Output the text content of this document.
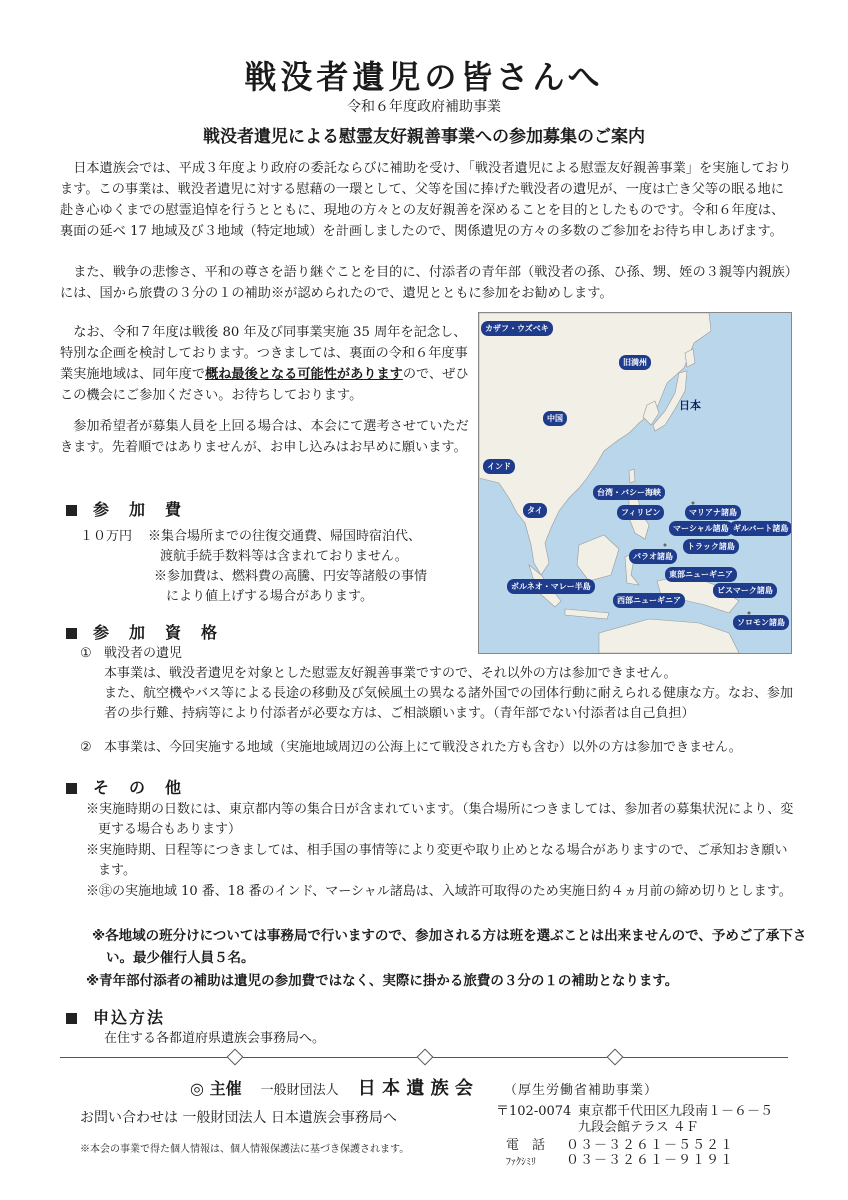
戦没者遺児の皆さんへ
令和６年度政府補助事業
戦没者遺児による慰霊友好親善事業への参加募集のご案内
日本遺族会では、平成３年度より政府の委託ならびに補助を受け、「戦没者遺児による慰霊友好親善事業」を実施しております。この事業は、戦没者遺児に対する慰藉の一環として、父等を国に捧げた戦没者の遺児が、一度は亡き父等の眠る地に赴き心ゆくまでの慰霊追悼を行うとともに、現地の方々との友好親善を深めることを目的としたものです。令和６年度は、裏面の延べ 17 地域及び３地域（特定地域）を計画しましたので、関係遺児の方々の多数のご参加をお待ち申しあげます。
また、戦争の悲惨さ、平和の尊さを語り継ぐことを目的に、付添者の青年部（戦没者の孫、ひ孫、甥、姪の３親等内親族）には、国から旅費の３分の１の補助※が認められたので、遺児とともに参加をお勧めします。
なお、令和７年度は戦後 80 年及び同事業実施 35 周年を記念し、特別な企画を検討しております。つきましては、裏面の令和６年度事業実施地域は、同年度で概ね最後となる可能性がありますので、ぜひこの機会にご参加ください。お待ちしております。
参加希望者が募集人員を上回る場合は、本会にて選考させていただきます。先着順ではありませんが、お申し込みはお早めに願います。
カザフ・ウズベキ
旧満州
日本
中国
インド
台湾・バシー海峡
タイ	フィリピン	マリアナ諸島
マーシャル諸島 ギルバート諸島
トラック諸島
パラオ諸島
東部ニューギニア
ボルネオ・マレー半島	ビスマーク諸島
西部ニューギニア
ソロモン諸島
参　加　費
１０万円 ※集合場所までの往復交通費、帰国時宿泊代、
渡航手続手数料等は含まれておりません。
※参加費は、燃料費の高騰、円安等諸般の事情
により値上げする場合があります。
参　加　資　格
① 戦没者の遺児
本事業は、戦没者遺児を対象とした慰霊友好親善事業ですので、それ以外の方は参加できません。
また、航空機やバス等による長途の移動及び気候風土の異なる諸外国での団体行動に耐えられる健康な方。なお、参加者の歩行難、持病等により付添者が必要な方は、ご相談願います。（青年部でない付添者は自己負担）
② 本事業は、今回実施する地域（実施地域周辺の公海上にて戦没された方も含む）以外の方は参加できません。
そ　の　他
※実施時期の日数には、東京都内等の集合日が含まれています。（集合場所につきましては、参加者の募集状況により、変更する場合もあります）
※実施時期、日程等につきましては、相手国の事情等により変更や取り止めとなる場合がありますので、ご承知おき願います。
※㊟の実施地域 10 番、18 番のインド、マーシャル諸島は、入域許可取得のため実施日約４ヵ月前の締め切りとします。
※各地域の班分けについては事務局で行いますので、参加される方は班を選ぶことは出来ませんので、予めご了承下さい。最少催行人員５名。
※青年部付添者の補助は遺児の参加費ではなく、実際に掛かる旅費の３分の１の補助となります。
申込方法
在住する各都道府県遺族会事務局へ。
◎ 主催 一般財団法人 日 本 遺 族 会 （厚生労働省補助事業）
お問い合わせは 一般財団法人 日本遺族会事務局へ
※本会の事業で得た個人情報は、個人情報保護法に基づき保護されます。
〒102-0074 東京都千代田区九段南１－６－５
九段会館テラス ４Ｆ
電　話 ０３－３２６１－５５２１
ﾌｧｸｼﾐﾘ ０３－３２６１－９１９１
